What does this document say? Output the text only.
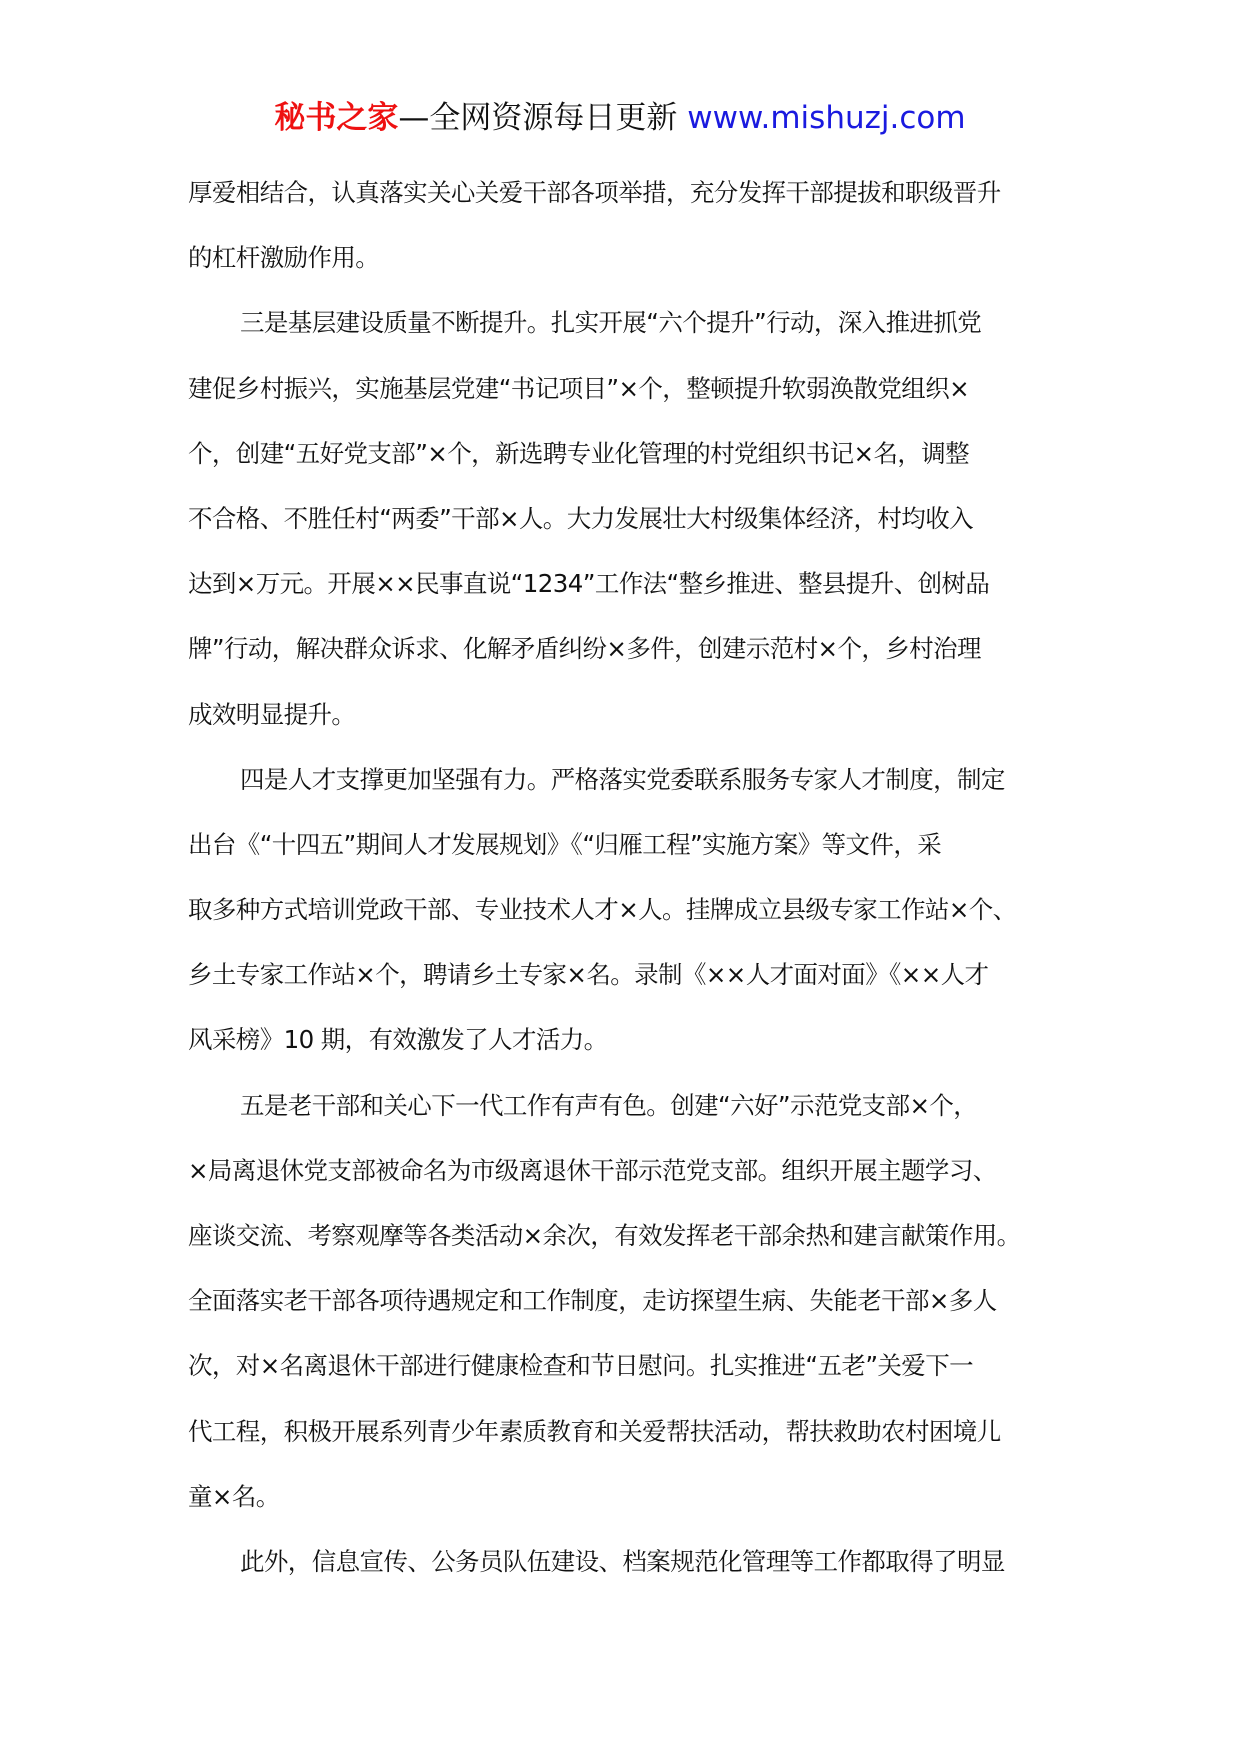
秘书之家—全网资源每日更新 www.mishuzj.com
厚爱相结合，认真落实关心关爱干部各项举措，充分发挥干部提拔和职级晋升
的杠杆激励作用。
三是基层建设质量不断提升。扎实开展“六个提升”行动，深入推进抓党
建促乡村振兴，实施基层党建“书记项目”×个，整顿提升软弱涣散党组织×
个，创建“五好党支部”×个，新选聘专业化管理的村党组织书记×名，调整
不合格、不胜任村“两委”干部×人。大力发展壮大村级集体经济，村均收入
达到×万元。开展××民事直说“1234”工作法“整乡推进、整县提升、创树品
牌”行动，解决群众诉求、化解矛盾纠纷×多件，创建示范村×个，乡村治理
成效明显提升。
四是人才支撑更加坚强有力。严格落实党委联系服务专家人才制度，制定
出台《“十四五”期间人才发展规划》《“归雁工程”实施方案》等文件，采
取多种方式培训党政干部、专业技术人才×人。挂牌成立县级专家工作站×个、
乡土专家工作站×个，聘请乡土专家×名。录制《××人才面对面》《××人才
风采榜》10 期，有效激发了人才活力。
五是老干部和关心下一代工作有声有色。创建“六好”示范党支部×个，
×局离退休党支部被命名为市级离退休干部示范党支部。组织开展主题学习、
座谈交流、考察观摩等各类活动×余次，有效发挥老干部余热和建言献策作用。
全面落实老干部各项待遇规定和工作制度，走访探望生病、失能老干部×多人
次，对×名离退休干部进行健康检查和节日慰问。扎实推进“五老”关爱下一
代工程，积极开展系列青少年素质教育和关爱帮扶活动，帮扶救助农村困境儿
童×名。
此外，信息宣传、公务员队伍建设、档案规范化管理等工作都取得了明显
